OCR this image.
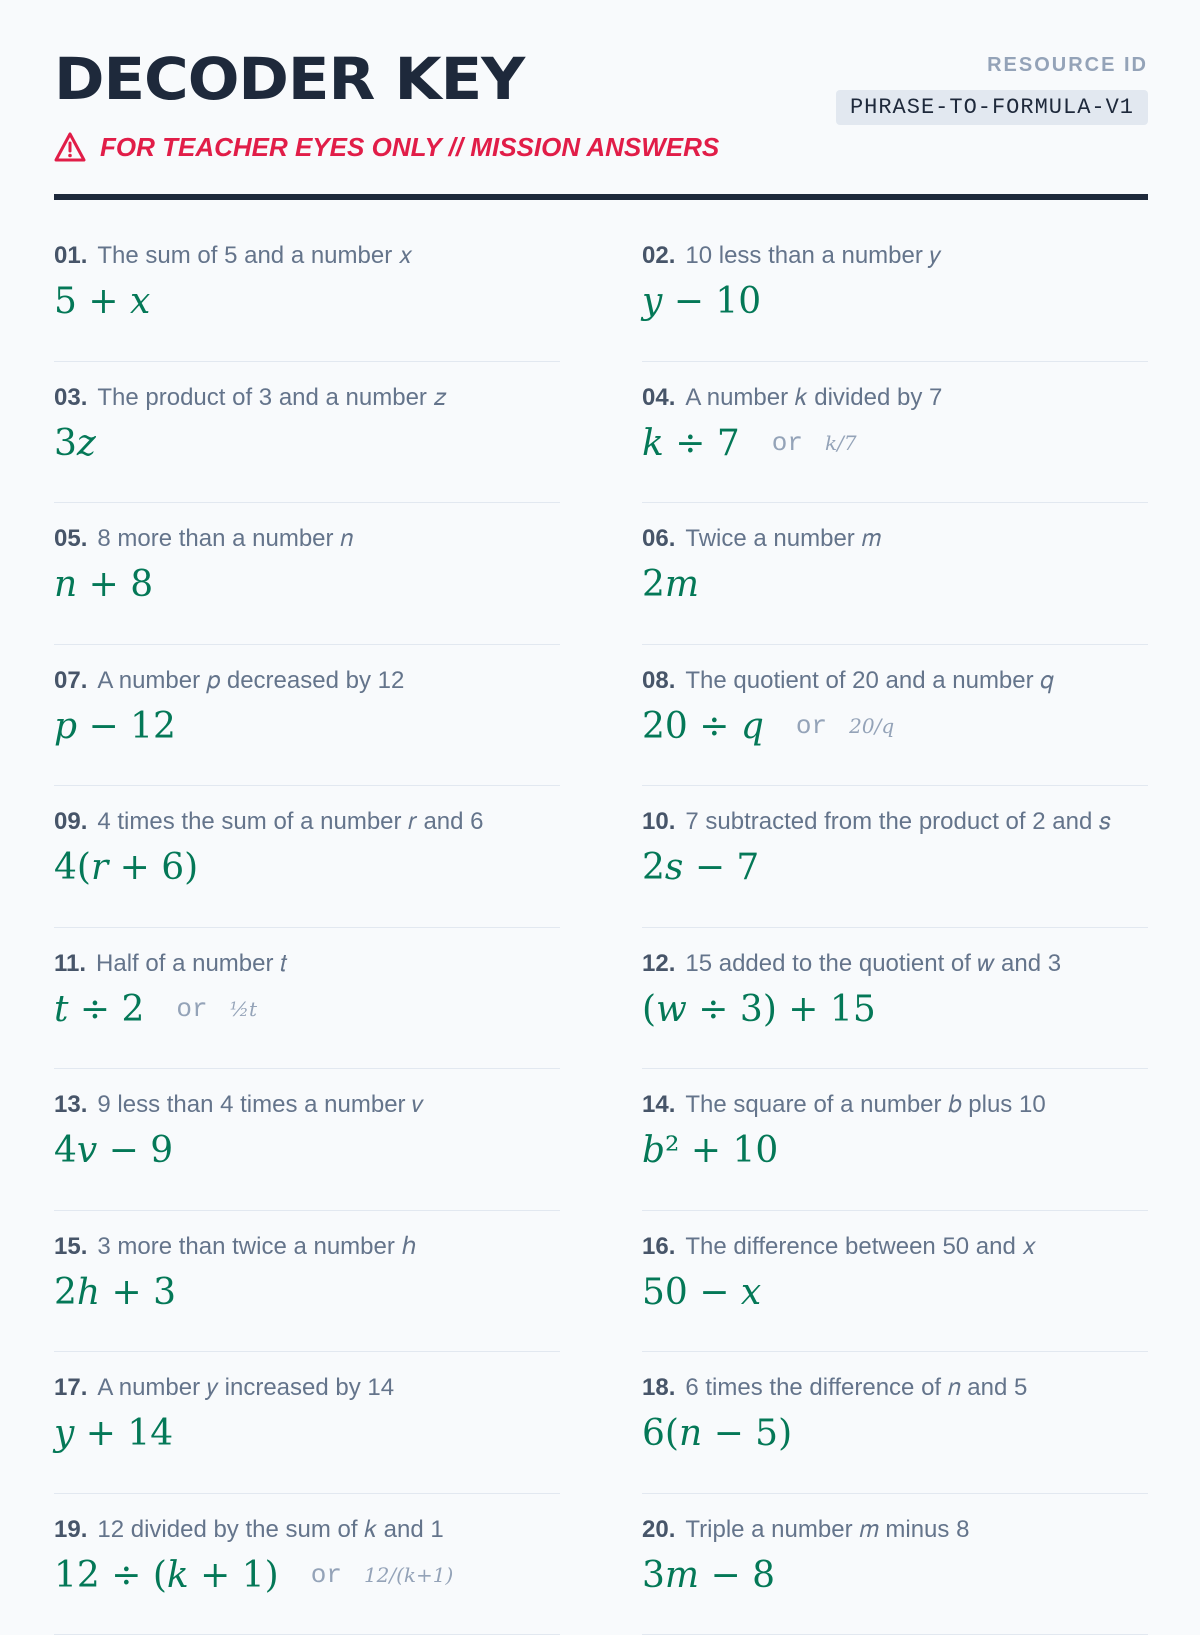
DECODER KEY
FOR TEACHER EYES ONLY // MISSION ANSWERS
RESOURCE ID
PHRASE-TO-FORMULA-V1
01. The sum of 5 and a number 𝑥
5 + 𝑥
02. 10 less than a number 𝑦
𝑦 − 10
03. The product of 3 and a number 𝑧
3𝑧
04. A number 𝑘 divided by 7
𝑘 ÷ 7 or k/7
05. 8 more than a number 𝑛
𝑛 + 8
06. Twice a number 𝑚
2𝑚
07. A number 𝑝 decreased by 12
𝑝 − 12
08. The quotient of 20 and a number 𝑞
20 ÷ 𝑞 or 20/q
09. 4 times the sum of a number 𝑟 and 6
4(𝑟 + 6)
10. 7 subtracted from the product of 2 and 𝑠
2𝑠 − 7
11. Half of a number 𝑡
𝑡 ÷ 2 or ½t
12. 15 added to the quotient of 𝑤 and 3
(𝑤 ÷ 3) + 15
13. 9 less than 4 times a number 𝑣
4𝑣 − 9
14. The square of a number 𝑏 plus 10
𝑏² + 10
15. 3 more than twice a number ℎ
2ℎ + 3
16. The difference between 50 and 𝑥
50 − 𝑥
17. A number 𝑦 increased by 14
𝑦 + 14
18. 6 times the difference of 𝑛 and 5
6(𝑛 − 5)
19. 12 divided by the sum of 𝑘 and 1
12 ÷ (𝑘 + 1) or 12/(k+1)
20. Triple a number 𝑚 minus 8
3𝑚 − 8
